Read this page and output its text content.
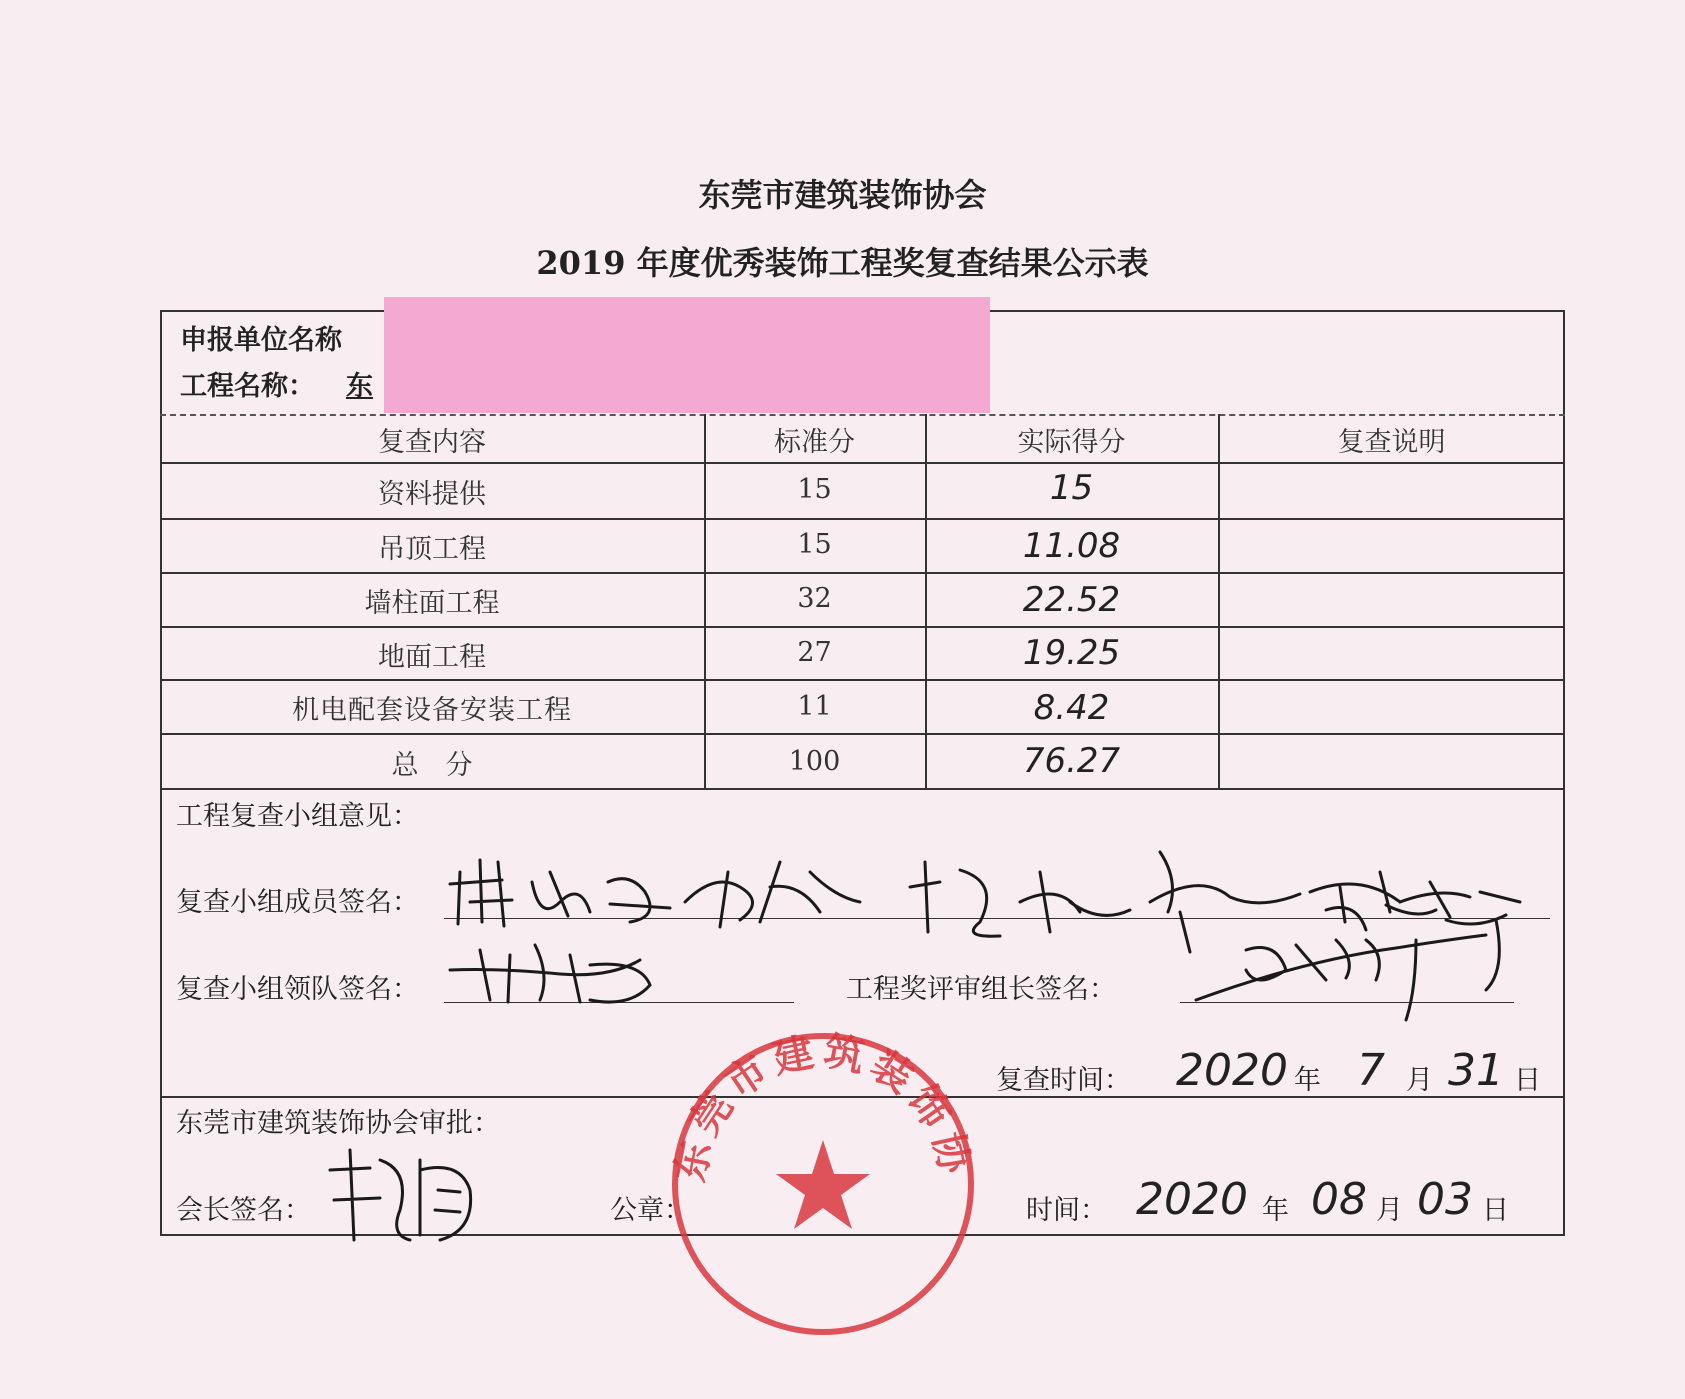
东莞市建筑装饰协会
2019 年度优秀装饰工程奖复查结果公示表
申报单位名称
工程名称： 东
复查内容	标准分	实际得分	复查说明
资料提供	15	15
吊顶工程	15	11.08
墙柱面工程	32	22.52
地面工程	27	19.25
机电配套设备安装工程	11	8.42
总　分	100	76.27
工程复查小组意见：
复查小组成员签名：
复查小组领队签名：	工程奖评审组长签名：
复查时间： 2020 年 7 月 31 日
东莞市建筑装饰协会审批：
会长签名：	公章：	时间： 2020 年 08 月 03 日
东莞市建筑装饰协
